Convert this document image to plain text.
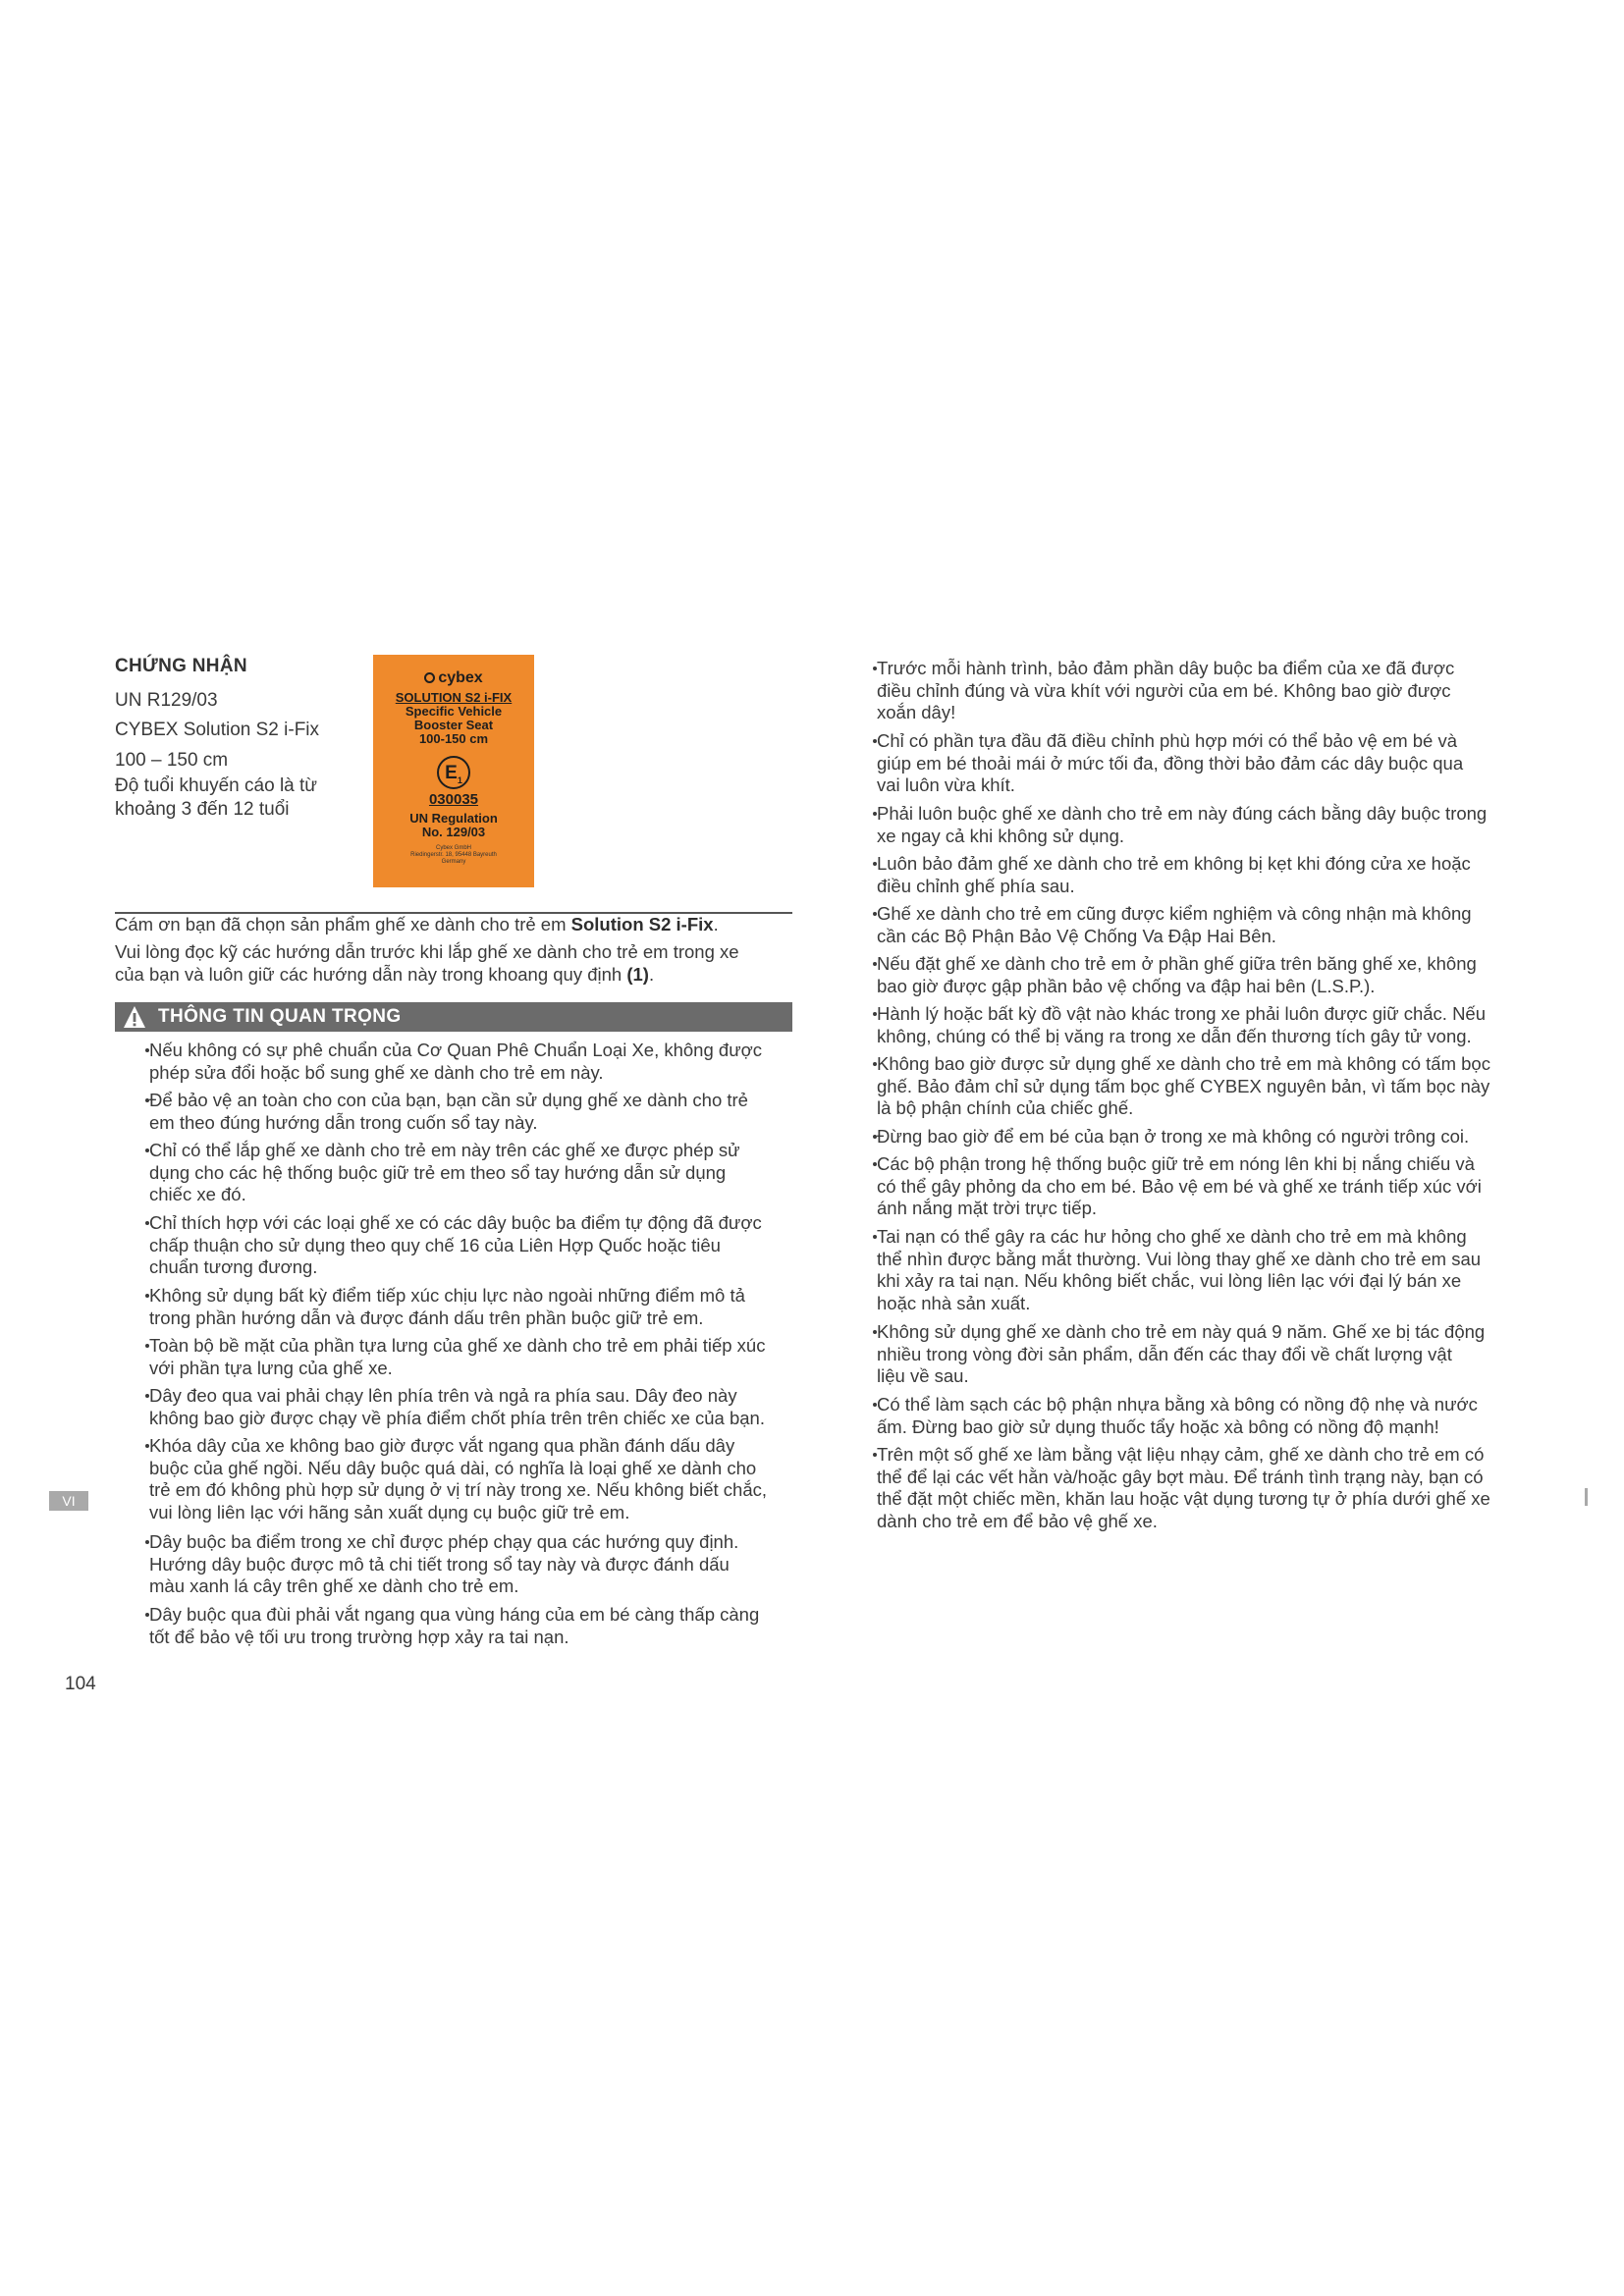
CHỨNG NHẬN
UN R129/03
CYBEX Solution S2 i-Fix
100 – 150 cm
Độ tuổi khuyến cáo là từ
khoảng 3 đến 12 tuổi
cybex
SOLUTION S2 i-FIX
Specific Vehicle
Booster Seat
100-150 cm
$E_1$
030035
UN Regulation
No. 129/03
Cybex GmbH
Riedingerstr. 18, 95448 Bayreuth
Germany
Cám ơn bạn đã chọn sản phẩm ghế xe dành cho trẻ em Solution S2 i-Fix.
Vui lòng đọc kỹ các hướng dẫn trước khi lắp ghế xe dành cho trẻ em trong xe
của bạn và luôn giữ các hướng dẫn này trong khoang quy định (1).
THÔNG TIN QUAN TRỌNG
Nếu không có sự phê chuẩn của Cơ Quan Phê Chuẩn Loại Xe, không được
phép sửa đổi hoặc bổ sung ghế xe dành cho trẻ em này.
Để bảo vệ an toàn cho con của bạn, bạn cần sử dụng ghế xe dành cho trẻ
em theo đúng hướng dẫn trong cuốn sổ tay này.
Chỉ có thể lắp ghế xe dành cho trẻ em này trên các ghế xe được phép sử
dụng cho các hệ thống buộc giữ trẻ em theo sổ tay hướng dẫn sử dụng
chiếc xe đó.
Chỉ thích hợp với các loại ghế xe có các dây buộc ba điểm tự động đã được
chấp thuận cho sử dụng theo quy chế 16 của Liên Hợp Quốc hoặc tiêu
chuẩn tương đương.
Không sử dụng bất kỳ điểm tiếp xúc chịu lực nào ngoài những điểm mô tả
trong phần hướng dẫn và được đánh dấu trên phần buộc giữ trẻ em.
Toàn bộ bề mặt của phần tựa lưng của ghế xe dành cho trẻ em phải tiếp xúc
với phần tựa lưng của ghế xe.
Dây đeo qua vai phải chạy lên phía trên và ngả ra phía sau. Dây đeo này
không bao giờ được chạy về phía điểm chốt phía trên trên chiếc xe của bạn.
Khóa dây của xe không bao giờ được vắt ngang qua phần đánh dấu dây
buộc của ghế ngồi. Nếu dây buộc quá dài, có nghĩa là loại ghế xe dành cho
trẻ em đó không phù hợp sử dụng ở vị trí này trong xe. Nếu không biết chắc,
vui lòng liên lạc với hãng sản xuất dụng cụ buộc giữ trẻ em.
Dây buộc ba điểm trong xe chỉ được phép chạy qua các hướng quy định.
Hướng dây buộc được mô tả chi tiết trong sổ tay này và được đánh dấu
màu xanh lá cây trên ghế xe dành cho trẻ em.
Dây buộc qua đùi phải vắt ngang qua vùng háng của em bé càng thấp càng
tốt để bảo vệ tối ưu trong trường hợp xảy ra tai nạn.
Trước mỗi hành trình, bảo đảm phần dây buộc ba điểm của xe đã được
điều chỉnh đúng và vừa khít với người của em bé. Không bao giờ được
xoắn dây!
Chỉ có phần tựa đầu đã điều chỉnh phù hợp mới có thể bảo vệ em bé và
giúp em bé thoải mái ở mức tối đa, đồng thời bảo đảm các dây buộc qua
vai luôn vừa khít.
Phải luôn buộc ghế xe dành cho trẻ em này đúng cách bằng dây buộc trong
xe ngay cả khi không sử dụng.
Luôn bảo đảm ghế xe dành cho trẻ em không bị kẹt khi đóng cửa xe hoặc
điều chỉnh ghế phía sau.
Ghế xe dành cho trẻ em cũng được kiểm nghiệm và công nhận mà không
cần các Bộ Phận Bảo Vệ Chống Va Đập Hai Bên.
Nếu đặt ghế xe dành cho trẻ em ở phần ghế giữa trên băng ghế xe, không
bao giờ được gập phần bảo vệ chống va đập hai bên (L.S.P.).
Hành lý hoặc bất kỳ đồ vật nào khác trong xe phải luôn được giữ chắc. Nếu
không, chúng có thể bị văng ra trong xe dẫn đến thương tích gây tử vong.
Không bao giờ được sử dụng ghế xe dành cho trẻ em mà không có tấm bọc
ghế. Bảo đảm chỉ sử dụng tấm bọc ghế CYBEX nguyên bản, vì tấm bọc này
là bộ phận chính của chiếc ghế.
Đừng bao giờ để em bé của bạn ở trong xe mà không có người trông coi.
Các bộ phận trong hệ thống buộc giữ trẻ em nóng lên khi bị nắng chiếu và
có thể gây phỏng da cho em bé. Bảo vệ em bé và ghế xe tránh tiếp xúc với
ánh nắng mặt trời trực tiếp.
Tai nạn có thể gây ra các hư hỏng cho ghế xe dành cho trẻ em mà không
thể nhìn được bằng mắt thường. Vui lòng thay ghế xe dành cho trẻ em sau
khi xảy ra tai nạn. Nếu không biết chắc, vui lòng liên lạc với đại lý bán xe
hoặc nhà sản xuất.
Không sử dụng ghế xe dành cho trẻ em này quá 9 năm. Ghế xe bị tác động
nhiều trong vòng đời sản phẩm, dẫn đến các thay đổi về chất lượng vật
liệu về sau.
Có thể làm sạch các bộ phận nhựa bằng xà bông có nồng độ nhẹ và nước
ấm. Đừng bao giờ sử dụng thuốc tẩy hoặc xà bông có nồng độ mạnh!
Trên một số ghế xe làm bằng vật liệu nhạy cảm, ghế xe dành cho trẻ em có
thể để lại các vết hằn và/hoặc gây bợt màu. Để tránh tình trạng này, bạn có
thể đặt một chiếc mền, khăn lau hoặc vật dụng tương tự ở phía dưới ghế xe
dành cho trẻ em để bảo vệ ghế xe.
VI
104
